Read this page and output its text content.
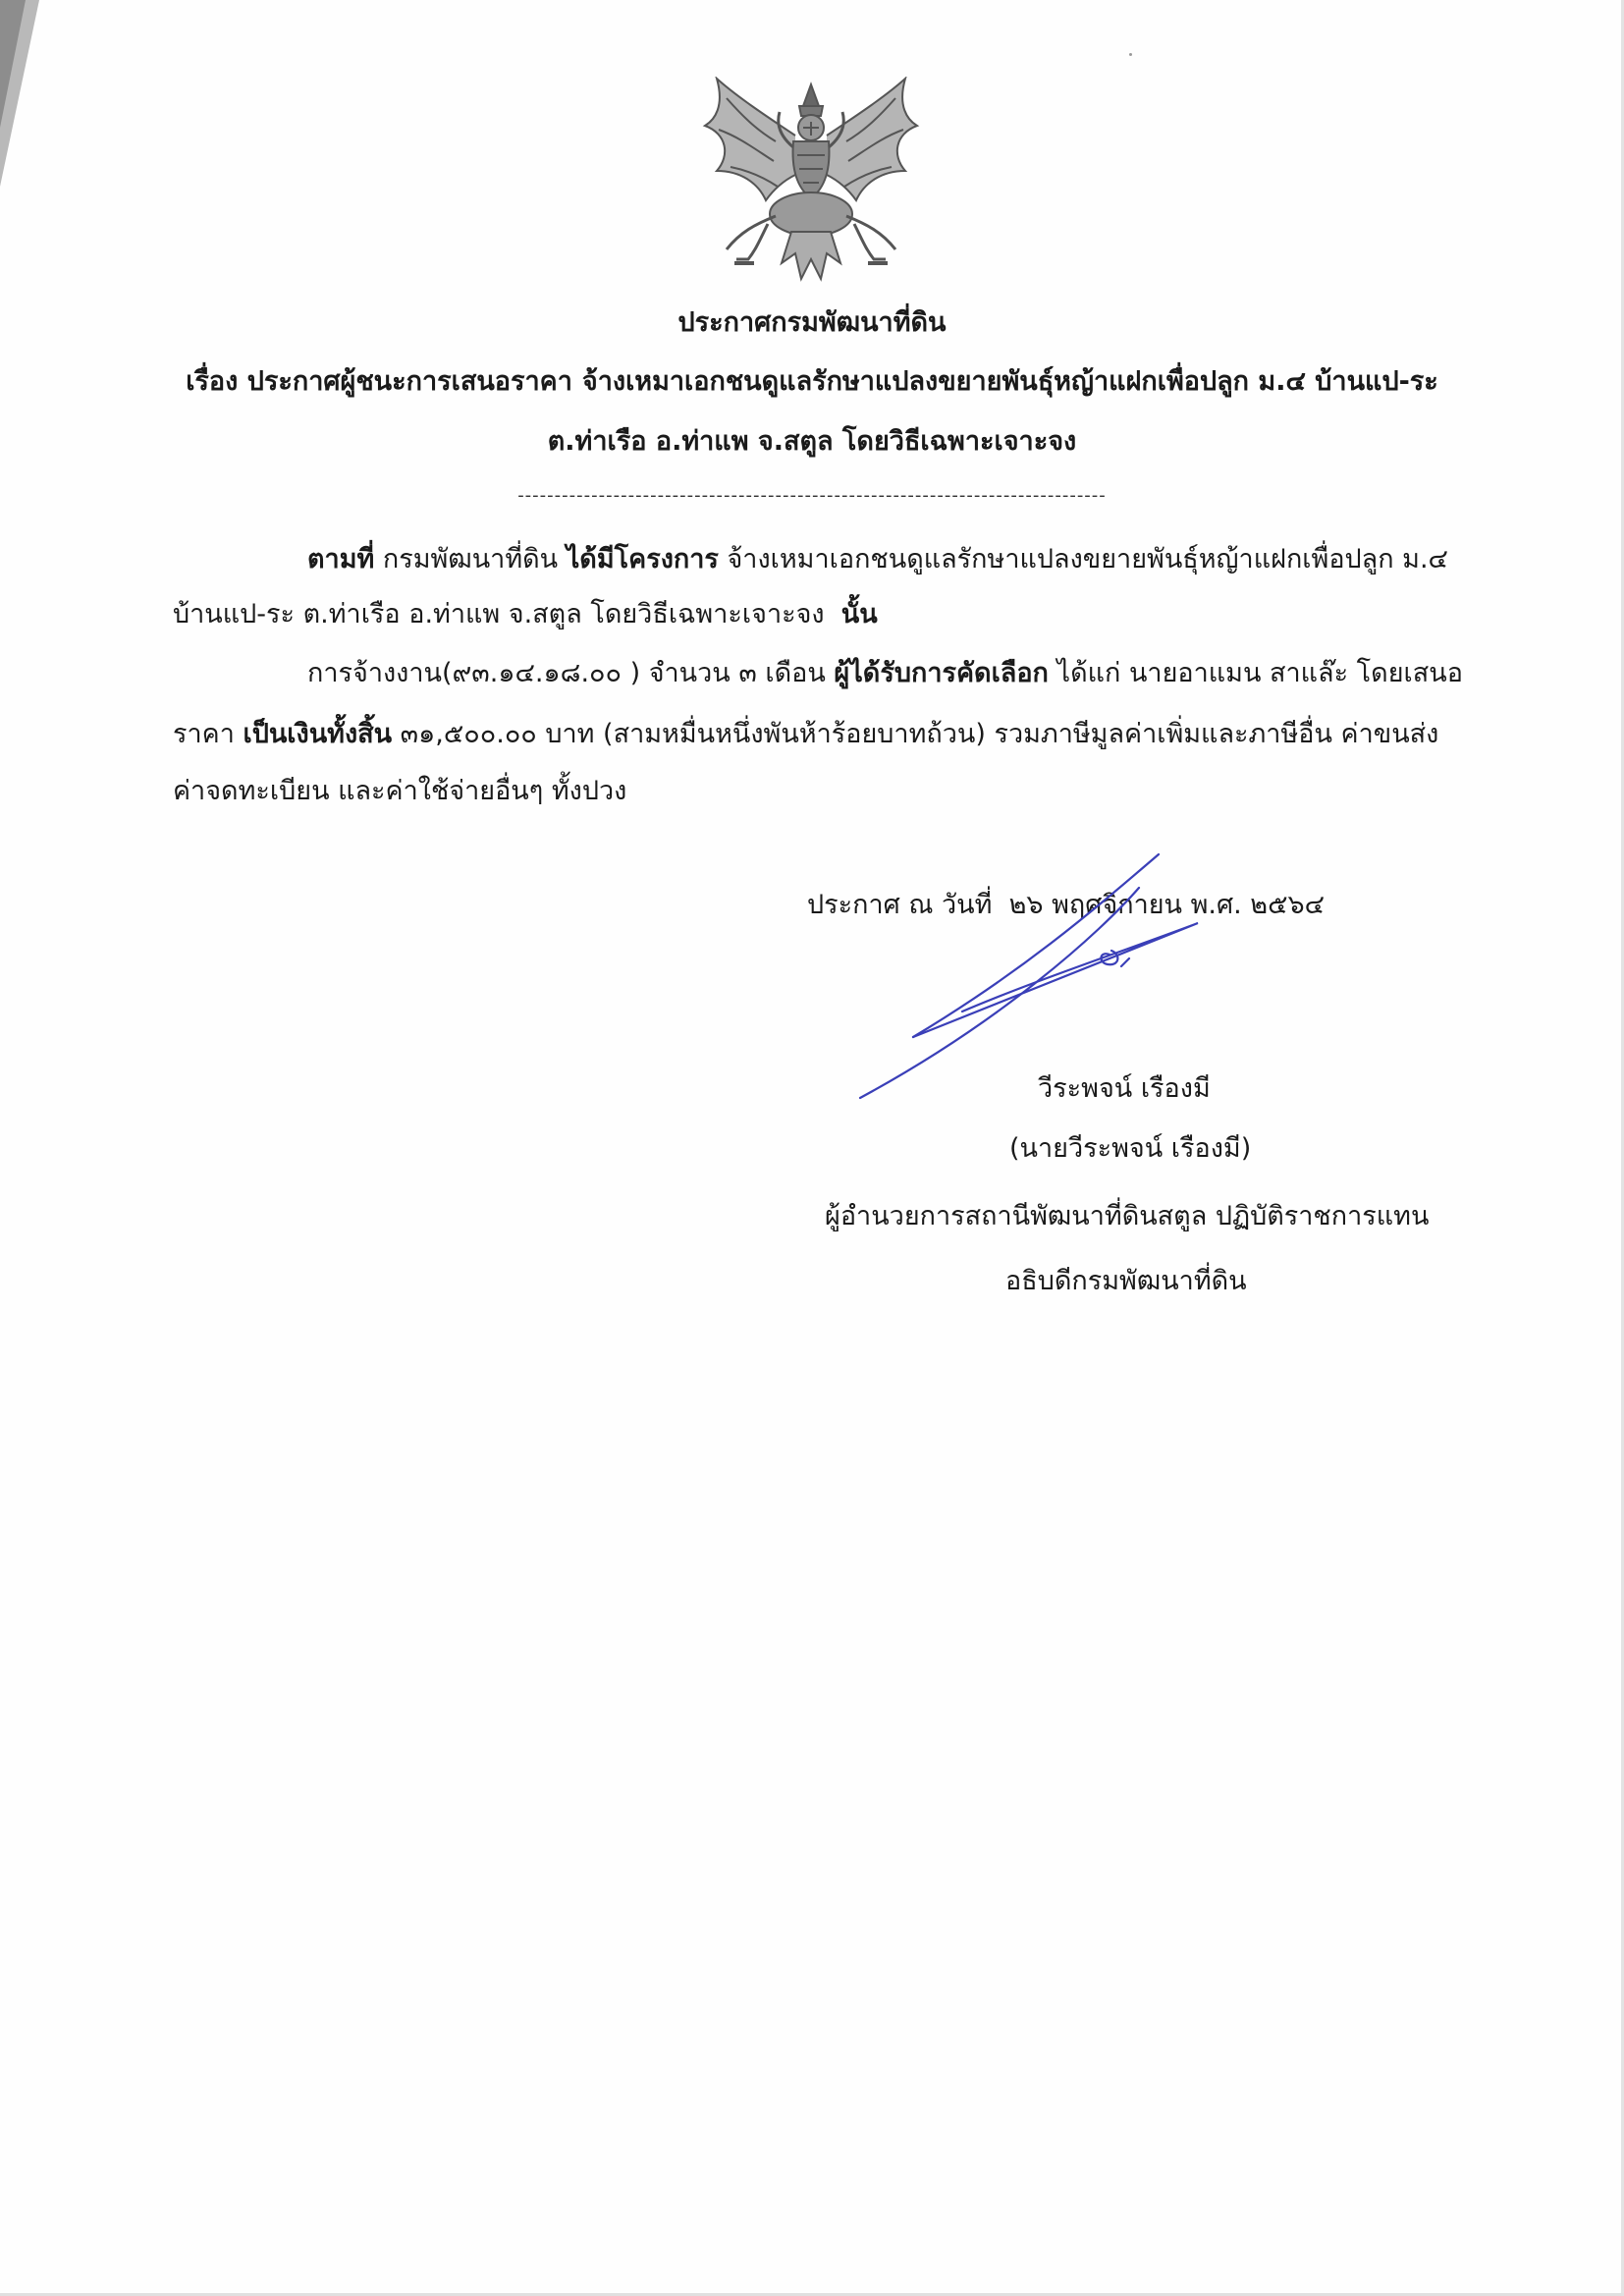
ประกาศกรมพัฒนาที่ดิน
เรื่อง ประกาศผู้ชนะการเสนอราคา จ้างเหมาเอกชนดูแลรักษาแปลงขยายพันธุ์หญ้าแฝกเพื่อปลูก ม.๔ บ้านแป-ระ
ต.ท่าเรือ อ.ท่าแพ จ.สตูล โดยวิธีเฉพาะเจาะจง
--------------------------------------------------------------------------------
ตามที่ กรมพัฒนาที่ดิน ได้มีโครงการ จ้างเหมาเอกชนดูแลรักษาแปลงขยายพันธุ์หญ้าแฝกเพื่อปลูก ม.๔
บ้านแป-ระ ต.ท่าเรือ อ.ท่าแพ จ.สตูล โดยวิธีเฉพาะเจาะจง นั้น
การจ้างงาน(๙๓.๑๔.๑๘.๐๐ ) จำนวน ๓ เดือน ผู้ได้รับการคัดเลือก ได้แก่ นายอาแมน สาแล๊ะ โดยเสนอ
ราคา เป็นเงินทั้งสิ้น ๓๑,๕๐๐.๐๐ บาท (สามหมื่นหนึ่งพันห้าร้อยบาทถ้วน) รวมภาษีมูลค่าเพิ่มและภาษีอื่น ค่าขนส่ง
ค่าจดทะเบียน และค่าใช้จ่ายอื่นๆ ทั้งปวง
ประกาศ ณ วันที่ ๒๖ พฤศจิกายน พ.ศ. ๒๕๖๔
วีระพจน์ เรืองมี
(นายวีระพจน์ เรืองมี)
ผู้อำนวยการสถานีพัฒนาที่ดินสตูล ปฏิบัติราชการแทน
อธิบดีกรมพัฒนาที่ดิน
